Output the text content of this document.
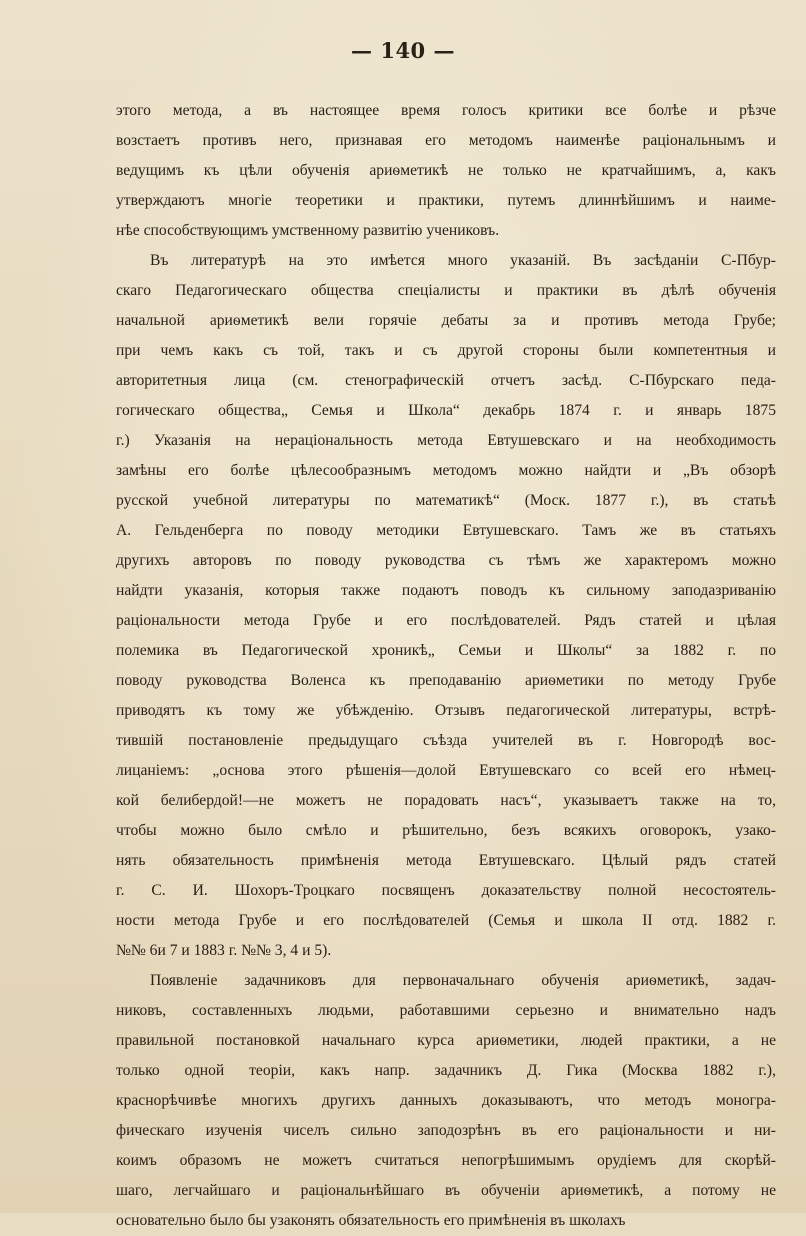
— 140 —
этого метода, а въ настоящее время голосъ критики все болѣе и рѣзче
возстаетъ противъ него, признавая его методомъ наименѣе раціональнымъ и
ведущимъ къ цѣли обученія ариѳметикѣ не только не кратчайшимъ, а, какъ
утверждаютъ многіе теоретики и практики, путемъ длиннѣйшимъ и наиме-
нѣе способствующимъ умственному развитію учениковъ.
Въ литературѣ на это имѣется много указаній. Въ засѣданіи С-Пбур-
скаго Педагогическаго общества спеціалисты и практики въ дѣлѣ обученія
начальной ариѳметикѣ вели горячіе дебаты за и противъ метода Грубе;
при чемъ какъ съ той, такъ и съ другой стороны были компетентныя и
авторитетныя лица (см. стенографическій отчетъ засѣд. С-Пбурскаго педа-
гогическаго общества„ Семья и Школа“ декабрь 1874 г. и январь 1875
г.) Указанія на нераціональность метода Евтушевскаго и на необходимость
замѣны его болѣе цѣлесообразнымъ методомъ можно найдти и „Въ обзорѣ
русской учебной литературы по математикѣ“ (Моск. 1877 г.), въ статьѣ
А. Гельденберга по поводу методики Евтушевскаго. Тамъ же въ статьяхъ
другихъ авторовъ по поводу руководства съ тѣмъ же характеромъ можно
найдти указанія, которыя также подаютъ поводъ къ сильному заподазриванію
раціональности метода Грубе и его послѣдователей. Рядъ статей и цѣлая
полемика въ Педагогической хроникѣ„ Семьи и Школы“ за 1882 г. по
поводу руководства Воленса къ преподаванію ариѳметики по методу Грубе
приводятъ къ тому же убѣжденію. Отзывъ педагогической литературы, встрѣ-
тившій постановленіе предыдущаго съѣзда учителей въ г. Новгородѣ вос-
лицаніемъ: „основа этого рѣшенія—долой Евтушевскаго со всей его нѣмец-
кой белибердой!—не можетъ не порадовать насъ“, указываетъ также на то,
чтобы можно было смѣло и рѣшительно, безъ всякихъ оговорокъ, узако-
нять обязательность примѣненія метода Евтушевскаго. Цѣлый рядъ статей
г. С. И. Шохоръ-Троцкаго посвященъ доказательству полной несостоятель-
ности метода Грубе и его послѣдователей (Семья и школа II отд. 1882 г.
№№ 6и 7 и 1883 г. №№ 3, 4 и 5).
Появленіе задачниковъ для первоначальнаго обученія ариѳметикѣ, задач-
никовъ, составленныхъ людьми, работавшими серьезно и внимательно надъ
правильной постановкой начальнаго курса ариѳметики, людей практики, а не
только одной теоріи, какъ напр. задачникъ Д. Гика (Москва 1882 г.),
краснорѣчивѣе многихъ другихъ данныхъ доказываютъ, что методъ моногра-
фическаго изученія чиселъ сильно заподозрѣнъ въ его раціональности и ни-
коимъ образомъ не можетъ считаться непогрѣшимымъ орудіемъ для скорѣй-
шаго, легчайшаго и раціональнѣйшаго въ обученіи ариѳметикѣ, а потому не
основательно было бы узаконять обязательность его примѣненія въ школахъ
